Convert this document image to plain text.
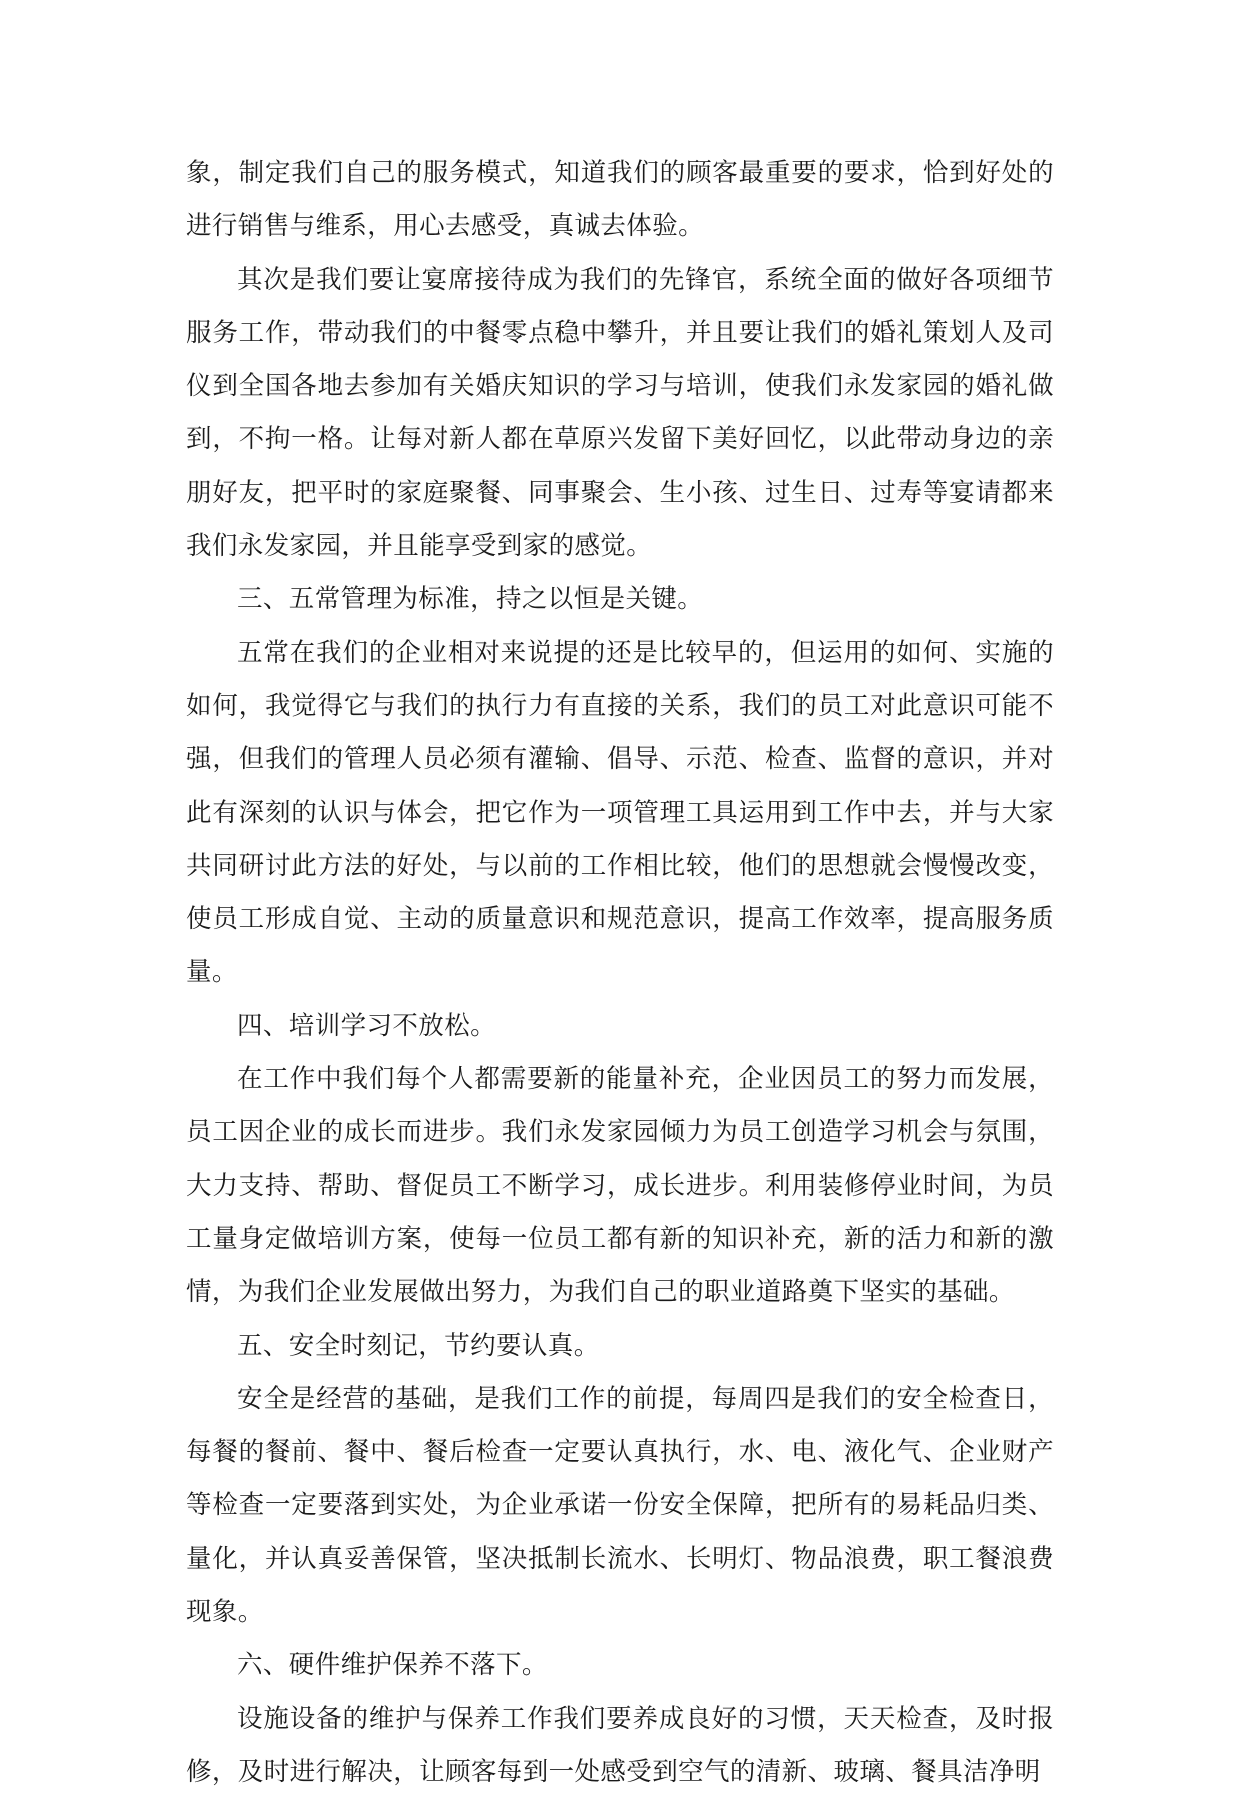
象，制定我们自己的服务模式，知道我们的顾客最重要的要求，恰到好处的进行销售与维系，用心去感受，真诚去体验。

其次是我们要让宴席接待成为我们的先锋官，系统全面的做好各项细节服务工作，带动我们的中餐零点稳中攀升，并且要让我们的婚礼策划人及司仪到全国各地去参加有关婚庆知识的学习与培训，使我们永发家园的婚礼做到，不拘一格。让每对新人都在草原兴发留下美好回忆，以此带动身边的亲朋好友，把平时的家庭聚餐、同事聚会、生小孩、过生日、过寿等宴请都来我们永发家园，并且能享受到家的感觉。

三、五常管理为标准，持之以恒是关键。

五常在我们的企业相对来说提的还是比较早的，但运用的如何、实施的如何，我觉得它与我们的执行力有直接的关系，我们的员工对此意识可能不强，但我们的管理人员必须有灌输、倡导、示范、检查、监督的意识，并对此有深刻的认识与体会，把它作为一项管理工具运用到工作中去，并与大家共同研讨此方法的好处，与以前的工作相比较，他们的思想就会慢慢改变，使员工形成自觉、主动的质量意识和规范意识，提高工作效率，提高服务质量。

四、培训学习不放松。

在工作中我们每个人都需要新的能量补充，企业因员工的努力而发展，员工因企业的成长而进步。我们永发家园倾力为员工创造学习机会与氛围，大力支持、帮助、督促员工不断学习，成长进步。利用装修停业时间，为员工量身定做培训方案，使每一位员工都有新的知识补充，新的活力和新的激情，为我们企业发展做出努力，为我们自己的职业道路奠下坚实的基础。

五、安全时刻记，节约要认真。

安全是经营的基础，是我们工作的前提，每周四是我们的安全检查日，每餐的餐前、餐中、餐后检查一定要认真执行，水、电、液化气、企业财产等检查一定要落到实处，为企业承诺一份安全保障，把所有的易耗品归类、量化，并认真妥善保管，坚决抵制长流水、长明灯、物品浪费，职工餐浪费现象。

六、硬件维护保养不落下。

设施设备的维护与保养工作我们要养成良好的习惯，天天检查，及时报修，及时进行解决，让顾客每到一处感受到空气的清新、玻璃、餐具洁净明
